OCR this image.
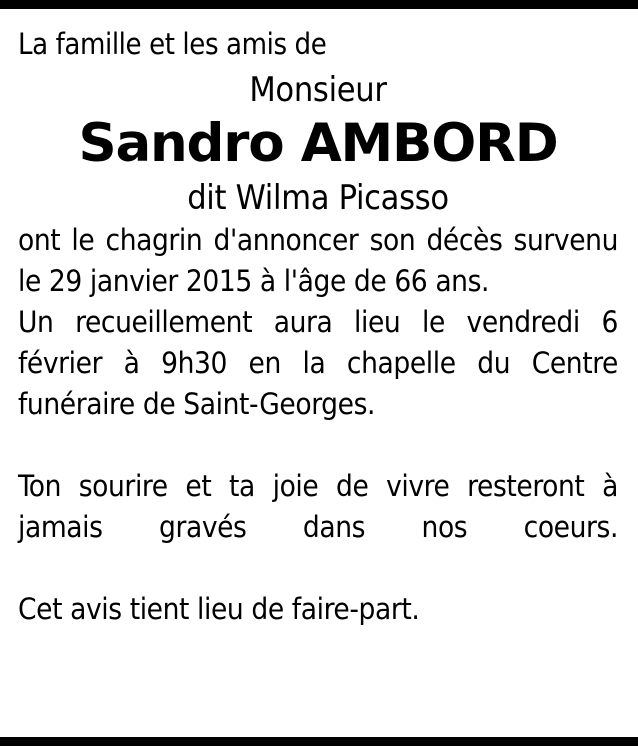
La famille et les amis de

Monsieur

Sandro AMBORD

dit Wilma Picasso

ont le chagrin d'annoncer son décès survenu le 29 janvier 2015 à l'âge de 66 ans.

Un recueillement aura lieu le vendredi 6 février à 9h30 en la chapelle du Centre funéraire de Saint-Georges.

Ton sourire et ta joie de vivre resteront à jamais gravés dans nos coeurs.

Cet avis tient lieu de faire-part.
